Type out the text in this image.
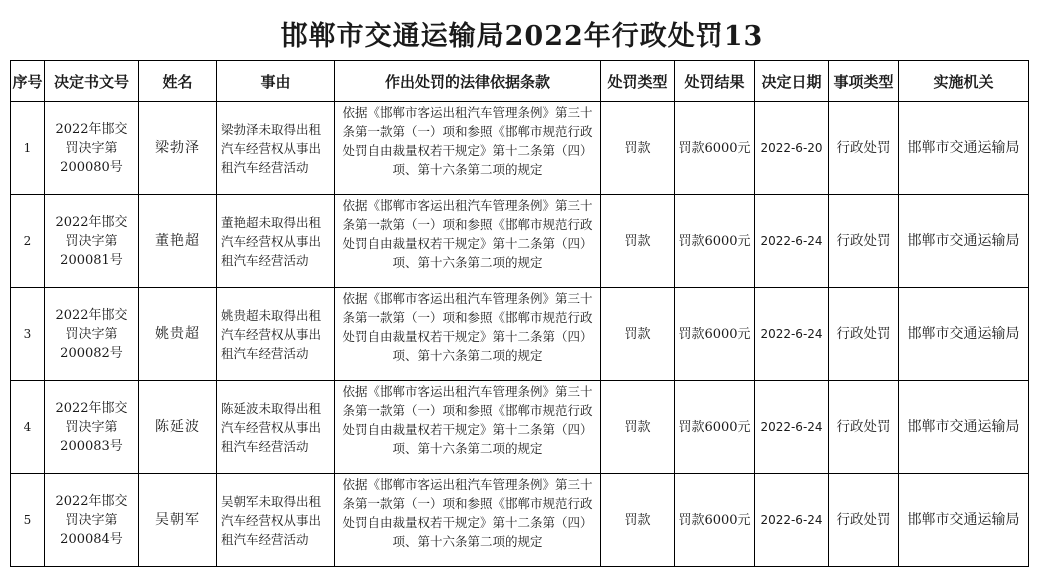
邯郸市交通运输局2022年行政处罚13
序号	决定书文号	姓名	事由	作出处罚的法律依据条款	处罚类型	处罚结果	决定日期	事项类型	实施机关
1	2022年邯交罚决字第200080号	梁勃泽	梁勃泽未取得出租汽车经营权从事出租汽车经营活动	依据《邯郸市客运出租汽车管理条例》第三十条第一款第（一）项和参照《邯郸市规范行政处罚自由裁量权若干规定》第十二条第（四）项、第十六条第二项的规定	罚款	罚款6000元	2022-6-20	行政处罚	邯郸市交通运输局
2	2022年邯交罚决字第200081号	董艳超	董艳超未取得出租汽车经营权从事出租汽车经营活动	依据《邯郸市客运出租汽车管理条例》第三十条第一款第（一）项和参照《邯郸市规范行政处罚自由裁量权若干规定》第十二条第（四）项、第十六条第二项的规定	罚款	罚款6000元	2022-6-24	行政处罚	邯郸市交通运输局
3	2022年邯交罚决字第200082号	姚贵超	姚贵超未取得出租汽车经营权从事出租汽车经营活动	依据《邯郸市客运出租汽车管理条例》第三十条第一款第（一）项和参照《邯郸市规范行政处罚自由裁量权若干规定》第十二条第（四）项、第十六条第二项的规定	罚款	罚款6000元	2022-6-24	行政处罚	邯郸市交通运输局
4	2022年邯交罚决字第200083号	陈延波	陈延波未取得出租汽车经营权从事出租汽车经营活动	依据《邯郸市客运出租汽车管理条例》第三十条第一款第（一）项和参照《邯郸市规范行政处罚自由裁量权若干规定》第十二条第（四）项、第十六条第二项的规定	罚款	罚款6000元	2022-6-24	行政处罚	邯郸市交通运输局
5	2022年邯交罚决字第200084号	吴朝军	吴朝军未取得出租汽车经营权从事出租汽车经营活动	依据《邯郸市客运出租汽车管理条例》第三十条第一款第（一）项和参照《邯郸市规范行政处罚自由裁量权若干规定》第十二条第（四）项、第十六条第二项的规定	罚款	罚款6000元	2022-6-24	行政处罚	邯郸市交通运输局
